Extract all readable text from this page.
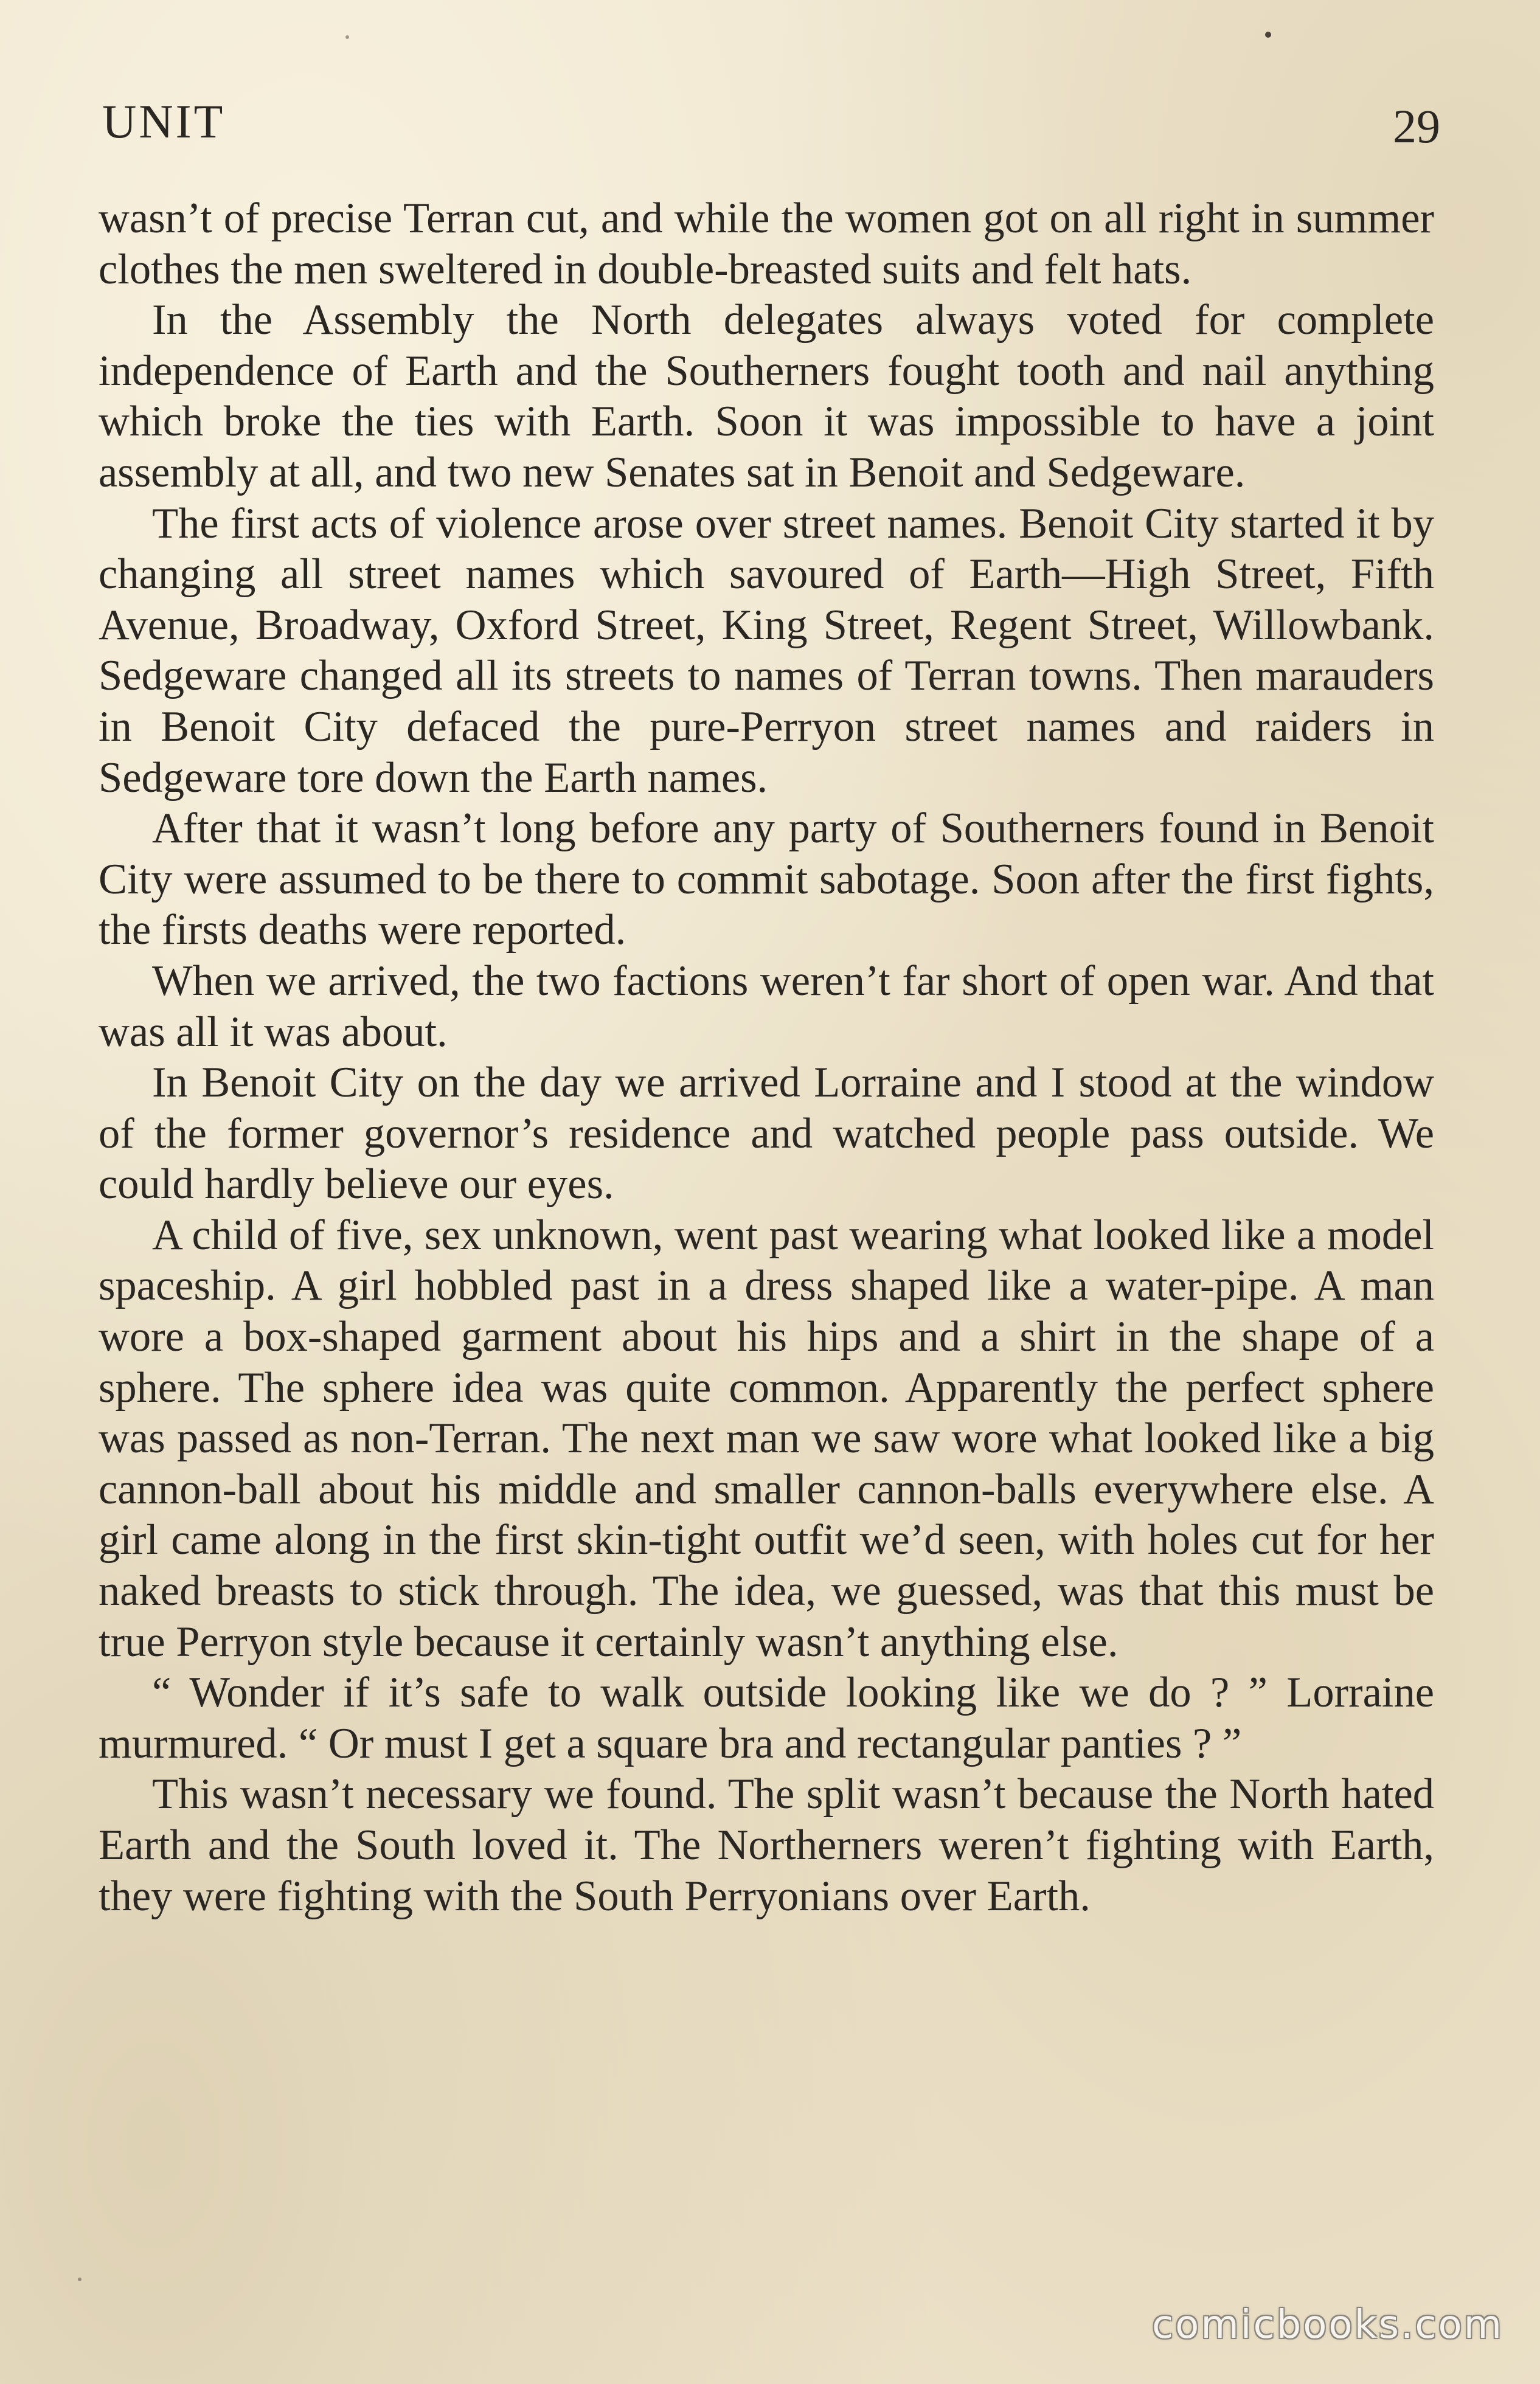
UNIT	29

wasn’t of precise Terran cut, and while the women got on all right in summer clothes the men sweltered in double-breasted suits and felt hats.

In the Assembly the North delegates always voted for complete independence of Earth and the Southerners fought tooth and nail anything which broke the ties with Earth. Soon it was impossible to have a joint assembly at all, and two new Senates sat in Benoit and Sedgeware.

The first acts of violence arose over street names. Benoit City started it by changing all street names which savoured of Earth—High Street, Fifth Avenue, Broadway, Oxford Street, King Street, Regent Street, Willowbank. Sedgeware changed all its streets to names of Terran towns. Then marauders in Benoit City defaced the pure-Perryon street names and raiders in Sedgeware tore down the Earth names.

After that it wasn’t long before any party of Southerners found in Benoit City were assumed to be there to commit sabotage. Soon after the first fights, the firsts deaths were reported.

When we arrived, the two factions weren’t far short of open war. And that was all it was about.

In Benoit City on the day we arrived Lorraine and I stood at the window of the former governor’s residence and watched people pass outside. We could hardly believe our eyes.

A child of five, sex unknown, went past wearing what looked like a model spaceship. A girl hobbled past in a dress shaped like a water-pipe. A man wore a box-shaped garment about his hips and a shirt in the shape of a sphere. The sphere idea was quite common. Apparently the perfect sphere was passed as non-Terran. The next man we saw wore what looked like a big cannon-ball about his middle and smaller cannon-balls everywhere else. A girl came along in the first skin-tight outfit we’d seen, with holes cut for her naked breasts to stick through. The idea, we guessed, was that this must be true Perryon style because it certainly wasn’t anything else.

“ Wonder if it’s safe to walk outside looking like we do ? ” Lorraine murmured. “ Or must I get a square bra and rectangular panties ? ”

This wasn’t necessary we found. The split wasn’t because the North hated Earth and the South loved it. The Northerners weren’t fighting with Earth, they were fighting with the South Perryonians over Earth.

comicbooks.com
